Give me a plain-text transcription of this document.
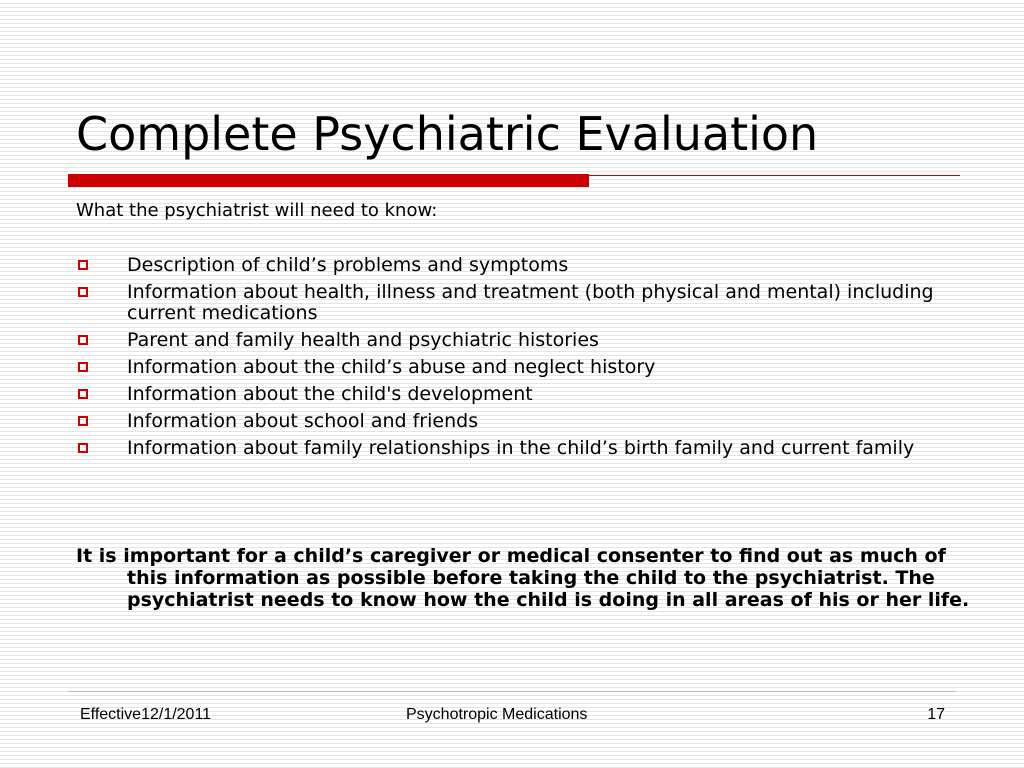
Complete Psychiatric Evaluation
What the psychiatrist will need to know:
Description of child’s problems and symptoms
Information about health, illness and treatment (both physical and mental) including current medications
Parent and family health and psychiatric histories
Information about the child’s abuse and neglect history
Information about the child's development
Information about school and friends
Information about family relationships in the child’s birth family and current family
It is important for a child’s caregiver or medical consenter to find out as much of this information as possible before taking the child to the psychiatrist. The psychiatrist needs to know how the child is doing in all areas of his or her life.
Effective12/1/2011	Psychotropic Medications	17
